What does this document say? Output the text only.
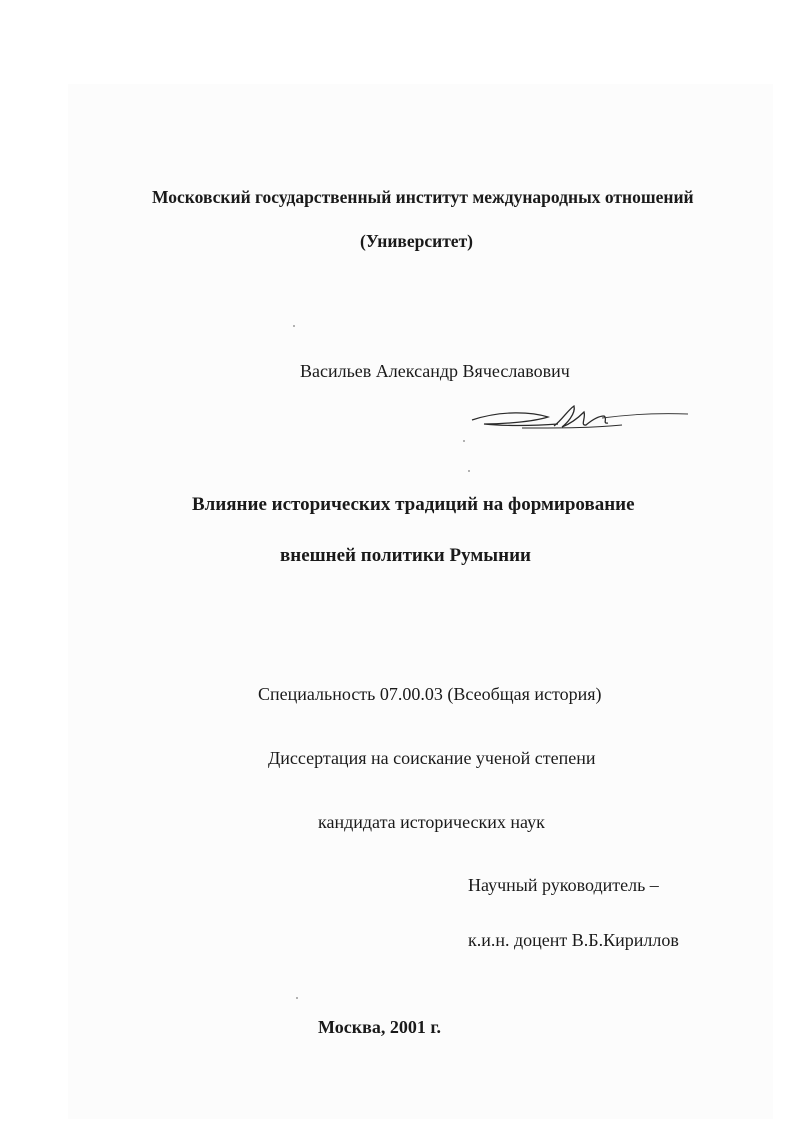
Московский государственный институт международных отношений
(Университет)
Васильев Александр Вячеславович
Влияние исторических традиций на формирование
внешней политики Румынии
Специальность 07.00.03 (Всеобщая история)
Диссертация на соискание ученой степени
кандидата исторических наук
Научный руководитель –
к.и.н. доцент В.Б.Кириллов
Москва, 2001 г.
